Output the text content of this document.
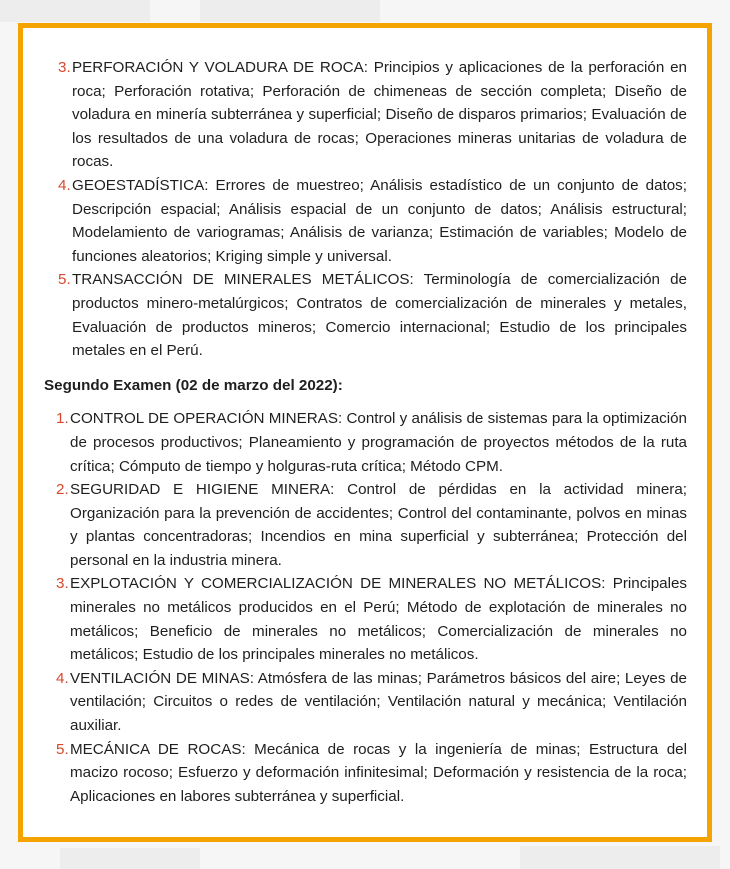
3. PERFORACIÓN Y VOLADURA DE ROCA: Principios y aplicaciones de la perforación en roca; Perforación rotativa; Perforación de chimeneas de sección completa; Diseño de voladura en minería subterránea y superficial; Diseño de disparos primarios; Evaluación de los resultados de una voladura de rocas; Operaciones mineras unitarias de voladura de rocas.
4. GEOESTADÍSTICA: Errores de muestreo; Análisis estadístico de un conjunto de datos; Descripción espacial; Análisis espacial de un conjunto de datos; Análisis estructural; Modelamiento de variogramas; Análisis de varianza; Estimación de variables; Modelo de funciones aleatorios; Kriging simple y universal.
5. TRANSACCIÓN DE MINERALES METÁLICOS: Terminología de comercialización de productos minero-metalúrgicos; Contratos de comercialización de minerales y metales, Evaluación de productos mineros; Comercio internacional; Estudio de los principales metales en el Perú.
Segundo Examen (02 de marzo del 2022):
1. CONTROL DE OPERACIÓN MINERAS: Control y análisis de sistemas para la optimización de procesos productivos; Planeamiento y programación de proyectos métodos de la ruta crítica; Cómputo de tiempo y holguras-ruta crítica; Método CPM.
2. SEGURIDAD E HIGIENE MINERA: Control de pérdidas en la actividad minera; Organización para la prevención de accidentes; Control del contaminante, polvos en minas y plantas concentradoras; Incendios en mina superficial y subterránea; Protección del personal en la industria minera.
3. EXPLOTACIÓN Y COMERCIALIZACIÓN DE MINERALES NO METÁLICOS: Principales minerales no metálicos producidos en el Perú; Método de explotación de minerales no metálicos; Beneficio de minerales no metálicos; Comercialización de minerales no metálicos; Estudio de los principales minerales no metálicos.
4. VENTILACIÓN DE MINAS: Atmósfera de las minas; Parámetros básicos del aire; Leyes de ventilación; Circuitos o redes de ventilación; Ventilación natural y mecánica; Ventilación auxiliar.
5. MECÁNICA DE ROCAS: Mecánica de rocas y la ingeniería de minas; Estructura del macizo rocoso; Esfuerzo y deformación infinitesimal; Deformación y resistencia de la roca; Aplicaciones en labores subterránea y superficial.
